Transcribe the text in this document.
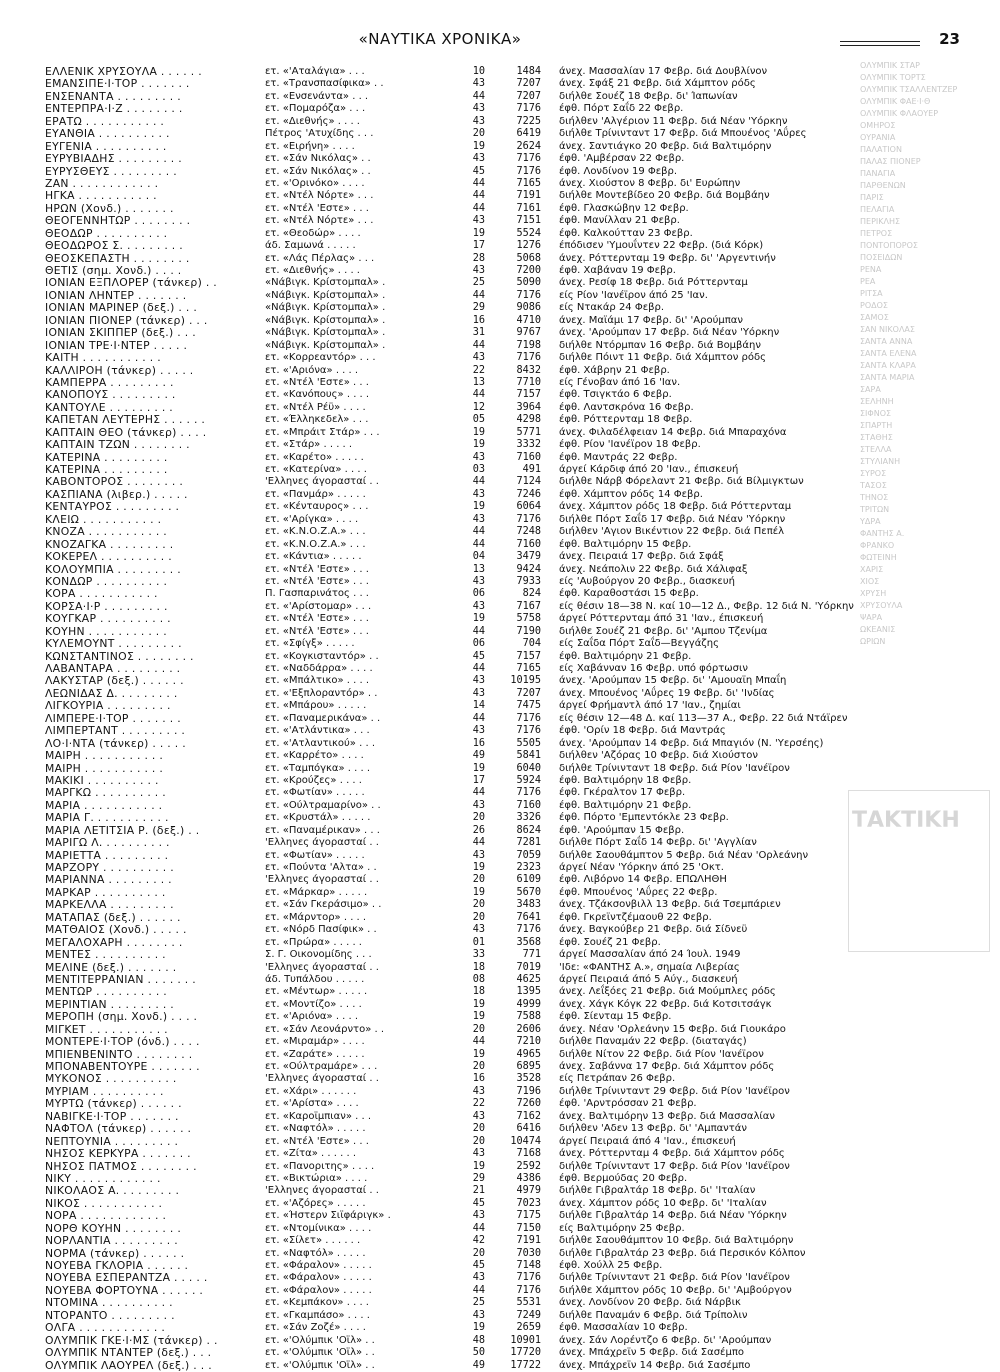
«ΝΑΥΤΙΚΑ ΧΡΟΝΙΚΑ»	23
ΕΛΛΕΝΙΚ ΧΡΥΣΟΥΛΑ . . . . . .	ετ. «'Αταλάγια» . . .	10	1484	άνεχ. Μασσαλίαν 17 Φεβρ. διά Δουβλίνον
ΕΜΑΝΣΙΠΕ·Ι·ΤΟΡ . . . . . . .	ετ. «Τρανσπασίφικα» . .	43	7207	άνεχ. Σφάξ 21 Φεβρ. διά Χάμπτον ρόδς
ΕΝΣΕΝΑΝΤΑ . . . . . . . . .	ετ. «Ενσενάντα» . . .	44	7207	διήλθε Σουέζ 18 Φεβρ. δι' Ίαπωνίαν
ΕΝΤΕΡΠΡΑ·Ι·Ζ . . . . . . . .	ετ. «Πομαρόζα» . . .	43	7176	έφθ. Πόρτ Σαΐδ 22 Φεβρ.
ΕΡΑΤΩ . . . . . . . . . . .	ετ. «Διεθνής» . . . .	43	7225	διήλθεν 'Αλγέριον 11 Φεβρ. διά Νέαν 'Υόρκην
ΕΥΑΝΘΙΑ . . . . . . . . . .	Πέτρος 'Ατυχίδης . . .	20	6419	διήλθε Τρίνινταντ 17 Φεβρ. διά Μπουένος 'Αΰρες
ΕΥΓΕΝΙΑ . . . . . . . . . .	ετ. «Ειρήνη» . . . .	19	2624	άνεχ. Σαντιάγκο 20 Φεβρ. διά Βαλτιμόρην
ΕΥΡΥΒΙΑΔΗΣ . . . . . . . . .	ετ. «Σάν Νικόλας» . .	43	7176	έφθ. 'Αμβέρσαν 22 Φεβρ.
ΕΥΡΥΣΘΕΥΣ . . . . . . . . .	ετ. «Σάν Νικόλας» . .	45	7176	έφθ. Λονδίνον 19 Φεβρ.
ΖΑΝ . . . . . . . . . . . .	ετ. «'Ορινόκο» . . . .	44	7165	άνεχ. Χιούστον 8 Φεβρ. δι' Ευρώπην
ΗΓΚΑ . . . . . . . . . . .	ετ. «Ντέλ Νόρτε» . . .	44	7191	διήλθε Μοντεβίδεο 20 Φεβρ. διά Βομβάην
ΗΡΩΝ (Χονδ.) . . . . . . .	ετ. «Ντέλ 'Εστε» . . .	44	7161	έφθ. Γλασκώβην 12 Φεβρ.
ΘΕΟΓΕΝΝΗΤΩΡ . . . . . . . .	ετ. «Ντέλ Νόρτε» . . .	43	7151	έφθ. Μανίλλαν 21 Φεβρ.
ΘΕΟΔΩΡ . . . . . . . . . .	ετ. «Θεοδώρ» . . . .	19	5524	έφθ. Καλκούτταν 23 Φεβρ.
ΘΕΟΔΩΡΟΣ Σ. . . . . . . . .	άδ. Σαμωνά . . . . .	17	1276	έπόδισεν 'Υμουΐντεν 22 Φεβρ. (διά Κόρκ)
ΘΕΟΣΚΕΠΑΣΤΗ . . . . . . . .	ετ. «Λάς Πέρλας» . . .	28	5068	άνεχ. Ρόττερνταμ 19 Φεβρ. δι' 'Αργεντινήν
ΘΕΤΙΣ (σημ. Χονδ.) . . . .	ετ. «Διεθνής» . . . .	43	7200	έφθ. Χαβάναν 19 Φεβρ.
ΙΟΝΙΑΝ ΕΞΠΛΟΡΕΡ (τάνκερ) . .	«Νάβιγκ. Κρίστομπαλ» .	25	5090	άνεχ. Ρεσίφ 18 Φεβρ. διά Ρόττερνταμ
ΙΟΝΙΑΝ ΛΗΝΤΕΡ . . . . . . .	«Νάβιγκ. Κρίστομπαλ» .	44	7176	είς Ρίον 'Ιανέϊρον άπό 25 'Ιαν.
ΙΟΝΙΑΝ ΜΑΡΙΝΕΡ (δεξ.) . . .	«Νάβιγκ. Κρίστομπαλ» .	29	9086	είς Ντακάρ 24 Φεβρ.
ΙΟΝΙΑΝ ΠΙΟΝΕΡ (τάνκερ) . . .	«Νάβιγκ. Κρίστομπαλ» .	16	4710	άνεχ. Μαϊάμι 17 Φεβρ. δι' 'Αρούμπαν
ΙΟΝΙΑΝ ΣΚΙΠΠΕΡ (δεξ.) . . .	«Νάβιγκ. Κρίστομπαλ» .	31	9767	άνεχ. 'Αρούμπαν 17 Φεβρ. διά Νέαν 'Υόρκην
ΙΟΝΙΑΝ ΤΡΕ·Ι·ΝΤΕΡ . . . . .	«Νάβιγκ. Κρίστομπαλ» .	44	7198	διήλθε Ντόρμπαν 16 Φεβρ. διά Βομβάην
ΚΑΙΤΗ . . . . . . . . . . .	ετ. «Κορρεαντόρ» . . .	43	7176	διήλθε Πόιντ 11 Φεβρ. διά Χάμπτον ρόδς
ΚΑΛΛΙΡΟΗ (τάνκερ) . . . . .	ετ. «'Αριόνα» . . . .	22	8432	έφθ. Χάβρην 21 Φεβρ.
ΚΑΜΠΕΡΡΑ . . . . . . . . .	ετ. «Ντέλ 'Εστε» . . .	13	7710	είς Γένοβαν άπό 16 'Ιαν.
ΚΑΝΟΠΟΥΣ . . . . . . . . .	ετ. «Κανόπους» . . . .	44	7157	έφθ. Τσιγκτάο 6 Φεβρ.
ΚΑΝΤΟΥΛΕ . . . . . . . . .	ετ. «Ντέλ Ρέϋ» . . . .	12	3964	έφθ. Λαντσκρόνα 16 Φεβρ.
ΚΑΠΕΤΑΝ ΛΕΥΤΕΡΗΣ . . . . . .	ετ. «Έλληκεδελ» . . .	05	4298	έφθ. Ρόττερνταμ 18 Φεβρ.
ΚΑΠΤΑΙΝ ΘΕΟ (τάνκερ) . . . .	ετ. «Μπράιτ Στάρ» . . .	19	5771	άνεχ. Φιλαδέλφειαν 14 Φεβρ. διά Μπαραχόνα
ΚΑΠΤΑΙΝ ΤΖΩΝ . . . . . . . .	ετ. «Στάρ» . . . . .	19	3332	έφθ. Ρίον 'Ιανέϊρον 18 Φεβρ.
ΚΑΤΕΡΙΝΑ . . . . . . . . .	ετ. «Καρέτο» . . . . .	43	7160	έφθ. Μαντράς 22 Φεβρ.
ΚΑΤΕΡΙΝΑ . . . . . . . . .	ετ. «Κατερίνα» . . . .	03	491	άργεί Κάρδιφ άπό 20 'Ιαν., έπισκευή
ΚΑΒΟΝΤΟΡΟΣ . . . . . . . .	'Ελληνες άγορασταί . .	44	7124	διήλθε Νάρβ Φόρελαντ 21 Φεβρ. διά Βίλμιγκτων
ΚΑΣΠΙΑΝΑ (λιβερ.) . . . . .	ετ. «Πανμάρ» . . . . .	43	7246	έφθ. Χάμπτον ρόδς 14 Φεβρ.
ΚΕΝΤΑΥΡΟΣ . . . . . . . . .	ετ. «Κένταυρος» . . .	19	6064	άνεχ. Χάμπτον ρόδς 18 Φεβρ. διά Ρόττερνταμ
ΚΛΕΙΩ . . . . . . . . . . .	ετ. «'Αρίγκα» . . . .	43	7176	διήλθε Πόρτ Σαΐδ 17 Φεβρ. διά Νέαν 'Υόρκην
ΚΝΟΖΑ . . . . . . . . . . .	ετ. «Κ.Ν.Ο.Ζ.Α.» . . .	44	7248	διήλθεν 'Αγιον Βικέντιον 22 Φεβρ. διά Πεπέλ
ΚΝΟΖΑΓΚΑ . . . . . . . . .	ετ. «Κ.Ν.Ο.Ζ.Α.» . . .	44	7160	έφθ. Βαλτιμόρην 15 Φεβρ.
ΚΟΚΕΡΕΛ . . . . . . . . . .	ετ. «Κάντια» . . . . .	04	3479	άνεχ. Πειραιά 17 Φεβρ. διά Σφάξ
ΚΟΛΟΥΜΠΙΑ . . . . . . . . .	ετ. «Ντέλ 'Εστε» . . .	13	9424	άνεχ. Νεάπολιν 22 Φεβρ. διά Χάλιφαξ
ΚΟΝΔΩΡ . . . . . . . . . .	ετ. «Ντέλ 'Εστε» . . .	43	7933	είς 'Αυβούργον 20 Φεβρ., διασκευή
ΚΟΡΑ . . . . . . . . . . .	Π. Γασπαρινάτος . . .	06	824	έφθ. Καραθοστάσι 15 Φεβρ.
ΚΟΡΣΑ·Ι·Ρ . . . . . . . . .	ετ. «'Αρίστομαρ» . . .	43	7167	είς θέσιν 18—38 Ν. καί 10—12 Δ., Φεβρ. 12 διά Ν. 'Υόρκην
ΚΟΥΓΚΑΡ . . . . . . . . . .	ετ. «Ντέλ 'Εστε» . . .	19	5758	άργεί Ρόττερνταμ άπό 31 'Ιαν., έπισκευή
ΚΟΥΗΝ . . . . . . . . . . .	ετ. «Ντέλ 'Εστε» . . .	44	7190	διήλθε Σουέζ 21 Φεβρ. δι' 'Αμπου Τζενίμα
ΚΥΛΕΜΟΥΝΤ . . . . . . . . .	ετ. «Σφίγξ» . . . . .	06	704	είς Σαΐδα Πόρτ Σαΐδ—Βεγγάζης
ΚΩΝΣΤΑΝΤΙΝΟΣ . . . . . . . .	ετ. «Κογκισταντόρ» . .	45	7157	έφθ. Βαλτιμόρην 21 Φεβρ.
ΛΑΒΑΝΤΑΡΑ . . . . . . . . .	ετ. «Ναδδάρρα» . . . .	44	7165	είς Χαβάνναν 16 Φεβρ. υπό φόρτωσιν
ΛΑΚΥΣΤΑΡ (δεξ.) . . . . . .	ετ. «Μπάλτικο» . . . .	43	10195	άνεχ. 'Αρούμπαν 15 Φεβρ. δι' 'Αμουαϊη Μπαΐη
ΛΕΩΝΙΔΑΣ Δ. . . . . . . . .	ετ. «'Εξπλοραντόρ» . .	43	7207	άνεχ. Μπουένος 'Αΰρες 19 Φεβρ. δι' 'Ινδίας
ΛΙΓΚΟΥΡΙΑ . . . . . . . . .	ετ. «Μπάρου» . . . . .	14	7475	άργεί Φρήμαντλ άπό 17 'Ιαν., ζημίαι
ΛΙΜΠΕΡΕ·Ι·ΤΟΡ . . . . . . .	ετ. «Παναμερικάνα» . .	44	7176	είς θέσιν 12—48 Δ. καί 113—37 Α., Φεβρ. 22 διά Ντάϊρεν
ΛΙΜΠΕΡΤΑΝΤ . . . . . . . . .	ετ. «'Ατλάντικα» . . .	43	7176	έφθ. 'Ορίν 18 Φεβρ. διά Μαντράς
ΛΟ·Ι·ΝΤΑ (τάνκερ) . . . . .	ετ. «'Ατλαντικού» . . .	16	5505	άνεχ. 'Αρούμπαν 14 Φεβρ. διά Μπαγιόν (Ν. 'Υερσέης)
ΜΑΙΡΗ . . . . . . . . . . .	ετ. «Καρρέτο» . . . .	49	5841	διήλθεν 'Αζόρας 10 Φεβρ. διά Χιούστον
ΜΑΙΡΗ . . . . . . . . . . .	ετ. «Ταμπόγκα» . . . .	19	6040	διήλθε Τρίνινταντ 18 Φεβρ. διά Ρίον 'Ιανέϊρον
ΜΑΚΙΚΙ . . . . . . . . . .	ετ. «Κρούζες» . . . .	17	5924	έφθ. Βαλτιμόρην 18 Φεβρ.
ΜΑΡΓΚΩ . . . . . . . . . .	ετ. «Φωτίαν» . . . . .	44	7176	έφθ. Γκέραλτον 17 Φεβρ.
ΜΑΡΙΑ . . . . . . . . . . .	ετ. «Ούλτραμαρίνο» . .	43	7160	έφθ. Βαλτιμόρην 21 Φεβρ.
ΜΑΡΙΑ Γ. . . . . . . . . . .	ετ. «Κρυστάλ» . . . . .	20	3326	έφθ. Πόρτο 'Εμπεντόκλε 23 Φεβρ.
ΜΑΡΙΑ ΛΕΤΙΤΣΙΑ Ρ. (δεξ.) . .	ετ. «Παναμέρικαν» . . .	26	8624	έφθ. 'Αρούμπαν 15 Φεβρ.
ΜΑΡΙΓΩ Λ. . . . . . . . . .	'Ελληνες άγορασταί . .	44	7281	διήλθε Πόρτ Σαΐδ 14 Φεβρ. δι' 'Αγγλίαν
ΜΑΡΙΕΤΤΑ . . . . . . . . .	ετ. «Φωτίαν» . . . . .	43	7059	διήλθε Σαουθάμπτον 5 Φεβρ. διά Νέαν 'Ορλεάνην
ΜΑΡΖΟΡΥ . . . . . . . . . .	ετ. «Πούντα 'Αλτα» . .	19	2323	άργεί Νέαν 'Υόρκην άπό 25 'Οκτ.
ΜΑΡΙΑΝΝΑ . . . . . . . . .	'Ελληνες άγορασταί . .	20	6109	έφθ. Λιβόρνο 14 Φεβρ. ΕΠΩΛΗΘΗ
ΜΑΡΚΑΡ . . . . . . . . . .	ετ. «Μάρκαρ» . . . . .	19	5670	έφθ. Μπουένος 'Αΰρες 22 Φεβρ.
ΜΑΡΚΕΛΛΑ . . . . . . . . .	ετ. «Σάν Γκεράσιμο» . .	20	3483	άνεχ. Τζάκσονβιλλ 13 Φεβρ. διά Τσεμπάριεν
ΜΑΤΑΠΑΣ (δεξ.) . . . . . .	ετ. «Μάρντορ» . . . .	20	7641	έφθ. Γκρεϊντζέμαουθ 22 Φεβρ.
ΜΑΤΘΑΙΟΣ (Χονδ.) . . . . .	ετ. «Νόρδ Πασίφικ» . .	43	7176	άνεχ. Βαγκούβερ 21 Φεβρ. διά Σίδνεϋ
ΜΕΓΑΛΟΧΑΡΗ . . . . . . . .	ετ. «Πρώρα» . . . . .	01	3568	έφθ. Σουέζ 21 Φεβρ.
ΜΕΝΤΕΣ . . . . . . . . . .	Σ. Γ. Οικονομίδης . . .	33	771	άργεί Μασσαλίαν άπό 24 Ίουλ. 1949
ΜΕΛΙΝΕ (δεξ.) . . . . . . .	'Ελληνες άγορασταί . .	18	7019	'Ιδε: «ΦΑΝΤΗΣ Α.», σημαία Λιβερίας
ΜΕΝΤΙΤΕΡΡΑΝΙΑΝ . . . . . . .	άδ. Τυπάλδου . . . . .	08	4625	άργεί Πειραιά άπό 5 Αύγ., διασκευή
ΜΕΝΤΩΡ . . . . . . . . . .	ετ. «Μέντωρ» . . . . .	18	1395	άνεχ. Λεΐξόες 21 Φεβρ. διά Μούμπλες ρόδς
ΜΕΡΙΝΤΙΑΝ . . . . . . . . .	ετ. «Μοντίζο» . . . .	19	4999	άνεχ. Χάγκ Κόγκ 22 Φεβρ. διά Κοτσιτσάγκ
ΜΕΡΟΠΗ (σημ. Χονδ.) . . . .	ετ. «'Αριόνα» . . . .	19	7588	έφθ. Σίενταμ 15 Φεβρ.
ΜΙΓΚΕΤ . . . . . . . . . . .	ετ. «Σάν Λεονάρντο» . .	20	2606	άνεχ. Νέαν 'Ορλεάνην 15 Φεβρ. διά Γιουκάρο
ΜΟΝΤΕΡΕ·Ι·ΤΟΡ (όνδ.) . . . .	ετ. «Μιραμάρ» . . . .	44	7210	διήλθε Παναμάν 22 Φεβρ. (διαταγάς)
ΜΠΙΕΝΒΕΝΙΝΤΟ . . . . . . . .	ετ. «Ζαράτε» . . . . .	19	4965	διήλθε Νίτον 22 Φεβρ. διά Ρίον 'Ιανέϊρον
ΜΠΟΝΑΒΕΝΤΟΥΡΕ . . . . . . .	ετ. «Ούλτραμάρε» . . .	20	6895	άνεχ. Σαβάννα 17 Φεβρ. διά Χάμπτον ρόδς
ΜΥΚΟΝΟΣ . . . . . . . . . .	'Ελληνες άγορασταί . .	16	3528	είς Πετράπαν 26 Φεβρ.
ΜΥΡΙΑΜ . . . . . . . . . .	ετ. «Χάρι» . . . . . .	43	7196	διήλθε Τρίνινταντ 29 Φεβρ. διά Ρίον 'Ιανέϊρον
ΜΥΡΤΩ (τάνκερ) . . . . . .	ετ. «'Αρίστα» . . . .	22	7260	έφθ. 'Αρντρόσσαν 21 Φεβρ.
ΝΑΒΙΓΚΕ·Ι·ΤΟΡ . . . . . . .	ετ. «Καροϊμπιαν» . . .	43	7162	άνεχ. Βαλτιμόρην 13 Φεβρ. διά Μασσαλίαν
ΝΑΦΤΟΛ (τάνκερ) . . . . . .	ετ. «Ναφτόλ» . . . . .	20	6416	διήλθεν 'Αδεν 13 Φεβρ. δι' 'Αμπαντάν
ΝΕΠΤΟΥΝΙΑ . . . . . . . . .	ετ. «Ντέλ 'Εστε» . . .	20	10474	άργεί Πειραιά άπό 4 'Ιαν., έπισκευή
ΝΗΣΟΣ ΚΕΡΚΥΡΑ . . . . . . .	ετ. «Ζίτα» . . . . . .	43	7168	άνεχ. Ρόττερνταμ 4 Φεβρ. διά Χάμπτον ρόδς
ΝΗΣΟΣ ΠΑΤΜΟΣ . . . . . . . .	ετ. «Πανοριτης» . . . .	19	2592	διήλθε Τρίνινταντ 17 Φεβρ. διά Ρίον 'Ιανέϊρον
ΝΙΚΥ . . . . . . . . . . . .	ετ. «Βικτώρια» . . . .	29	4386	έφθ. Βερμούδας 20 Φεβρ.
ΝΙΚΟΛΑΟΣ Α. . . . . . . . .	'Ελληνες άγορασταί . .	21	4979	διήλθε Γιβραλτάρ 18 Φεβρ. δι' 'Ιταλίαν
ΝΙΚΟΣ . . . . . . . . . . .	ετ. «'Αζόρες» . . . . .	45	7023	άνεχ. Χάμπτον ρόδς 10 Φεβρ. δι' 'Ιταλίαν
ΝΟΡΑ . . . . . . . . . . . .	ετ. «Ήστερν Σιϊφάριγκ» .	43	7175	διήλθε Γιβραλτάρ 14 Φεβρ. διά Νέαν 'Υόρκην
ΝΟΡΘ ΚΟΥΗΝ . . . . . . . .	ετ. «Ντομίνικα» . . . .	44	7150	είς Βαλτιμόρην 25 Φεβρ.
ΝΟΡΛΑΝΤΙΑ . . . . . . . . .	ετ. «Σίλετ» . . . . . .	42	7191	διήλθε Σαουθάμπτον 10 Φεβρ. διά Βαλτιμόρην
ΝΟΡΜΑ (τάνκερ) . . . . . .	ετ. «Ναφτόλ» . . . . .	20	7030	διήλθε Γιβραλτάρ 23 Φεβρ. διά Περσικόν Κόλπον
ΝΟΥΕΒΑ ΓΚΛΟΡΙΑ . . . . . .	ετ. «Φάραλον» . . . . .	45	7148	έφθ. Χούλλ 25 Φεβρ.
ΝΟΥΕΒΑ ΕΣΠΕΡΑΝΤΖΑ . . . . .	ετ. «Φάραλον» . . . . .	43	7176	διήλθε Τρίνινταντ 21 Φεβρ. διά Ρίον 'Ιανέϊρον
ΝΟΥΕΒΑ ΦΟΡΤΟΥΝΑ . . . . . .	ετ. «Φάραλον» . . . . .	44	7176	διήλθε Χάμπτον ρόδς 10 Φεβρ. δι' 'Αμβούργον
ΝΤΟΜΙΝΑ . . . . . . . . . .	ετ. «Κεμπάκον» . . . .	25	5531	άνεχ. Λονδίνον 20 Φεβρ. διά Νάρβικ
ΝΤΟΡΑΝΤΟ . . . . . . . . .	ετ. «Γκαμπάσο» . . . .	43	7249	διήλθε Παναμάν 6 Φεβρ. διά Τρίπολιν
ΟΛΓΑ . . . . . . . . . . . .	ετ. «Σάν Ζοζέ» . . . .	19	2659	έφθ. Μασσαλίαν 10 Φεβρ.
ΟΛΥΜΠΙΚ ΓΚΕ·Ι·ΜΣ (τάνκερ) . .	ετ. «'Ολύμπικ 'Οϊλ» . .	48	10901	άνεχ. Σάν Λορέντζο 6 Φεβρ. δι' 'Αρούμπαν
ΟΛΥΜΠΙΚ ΝΤΑΝΤΕΡ (δεξ.) . . .	ετ. «'Ολύμπικ 'Οϊλ» . .	50	17720	άνεχ. Μπάχρεϊν 5 Φεβρ. διά Σασέμπο
ΟΛΥΜΠΙΚ ΛΑΟΥΡΕΛ (δεξ.) . . .	ετ. «'Ολύμπικ 'Οϊλ» . .	49	17722	άνεχ. Μπάχρεϊν 14 Φεβρ. διά Σασέμπο
ΟΛΥΜΠΙΚ ΣΤΑΡ
ΟΛΥΜΠΙΚ ΤΟΡΤΣ
ΟΛΥΜΠΙΚ ΤΣΑΛΛΕΝΤΖΕΡ
ΟΛΥΜΠΙΚ ΦΑΕ·Ι·Θ
ΟΛΥΜΠΙΚ ΦΛΑΟΥΕΡ
ΟΜΗΡΟΣ
ΟΥΡΑΝΙΑ
ΠΑΛΑΤΙΟΝ
ΠΑΛΑΣ ΠΙΟΝΕΡ
ΠΑΝΑΓΙΑ
ΠΑΡΘΕΝΩΝ
ΠΑΡΙΣ
ΠΕΛΑΓΙΑ
ΠΕΡΙΚΛΗΣ
ΠΕΤΡΟΣ
ΠΟΝΤΟΠΟΡΟΣ
ΠΟΣΕΙΔΩΝ
ΡΕΝΑ
ΡΕΑ
ΡΙΤΣΑ
ΡΟΔΟΣ
ΣΑΜΟΣ
ΣΑΝ ΝΙΚΟΛΑΣ
ΣΑΝΤΑ ΑΝΝΑ
ΣΑΝΤΑ ΕΛΕΝΑ
ΣΑΝΤΑ ΚΛΑΡΑ
ΣΑΝΤΑ ΜΑΡΙΑ
ΣΑΡΑ
ΣΕΛΗΝΗ
ΣΙΦΝΟΣ
ΣΠΑΡΤΗ
ΣΤΑΘΗΣ
ΣΤΕΛΛΑ
ΣΤΥΛΙΑΝΗ
ΣΥΡΟΣ
ΤΑΣΟΣ
ΤΗΝΟΣ
ΤΡΙΤΩΝ
ΥΔΡΑ
ΦΑΝΤΗΣ Α.
ΦΡΑΝΚΟ
ΦΩΤΕΙΝΗ
ΧΑΡΙΣ
ΧΙΟΣ
ΧΡΥΣΗ
ΧΡΥΣΟΥΛΑ
ΨΑΡΑ
ΩΚΕΑΝΙΣ
ΩΡΙΩΝ
ΤΑΚΤΙΚΗ
